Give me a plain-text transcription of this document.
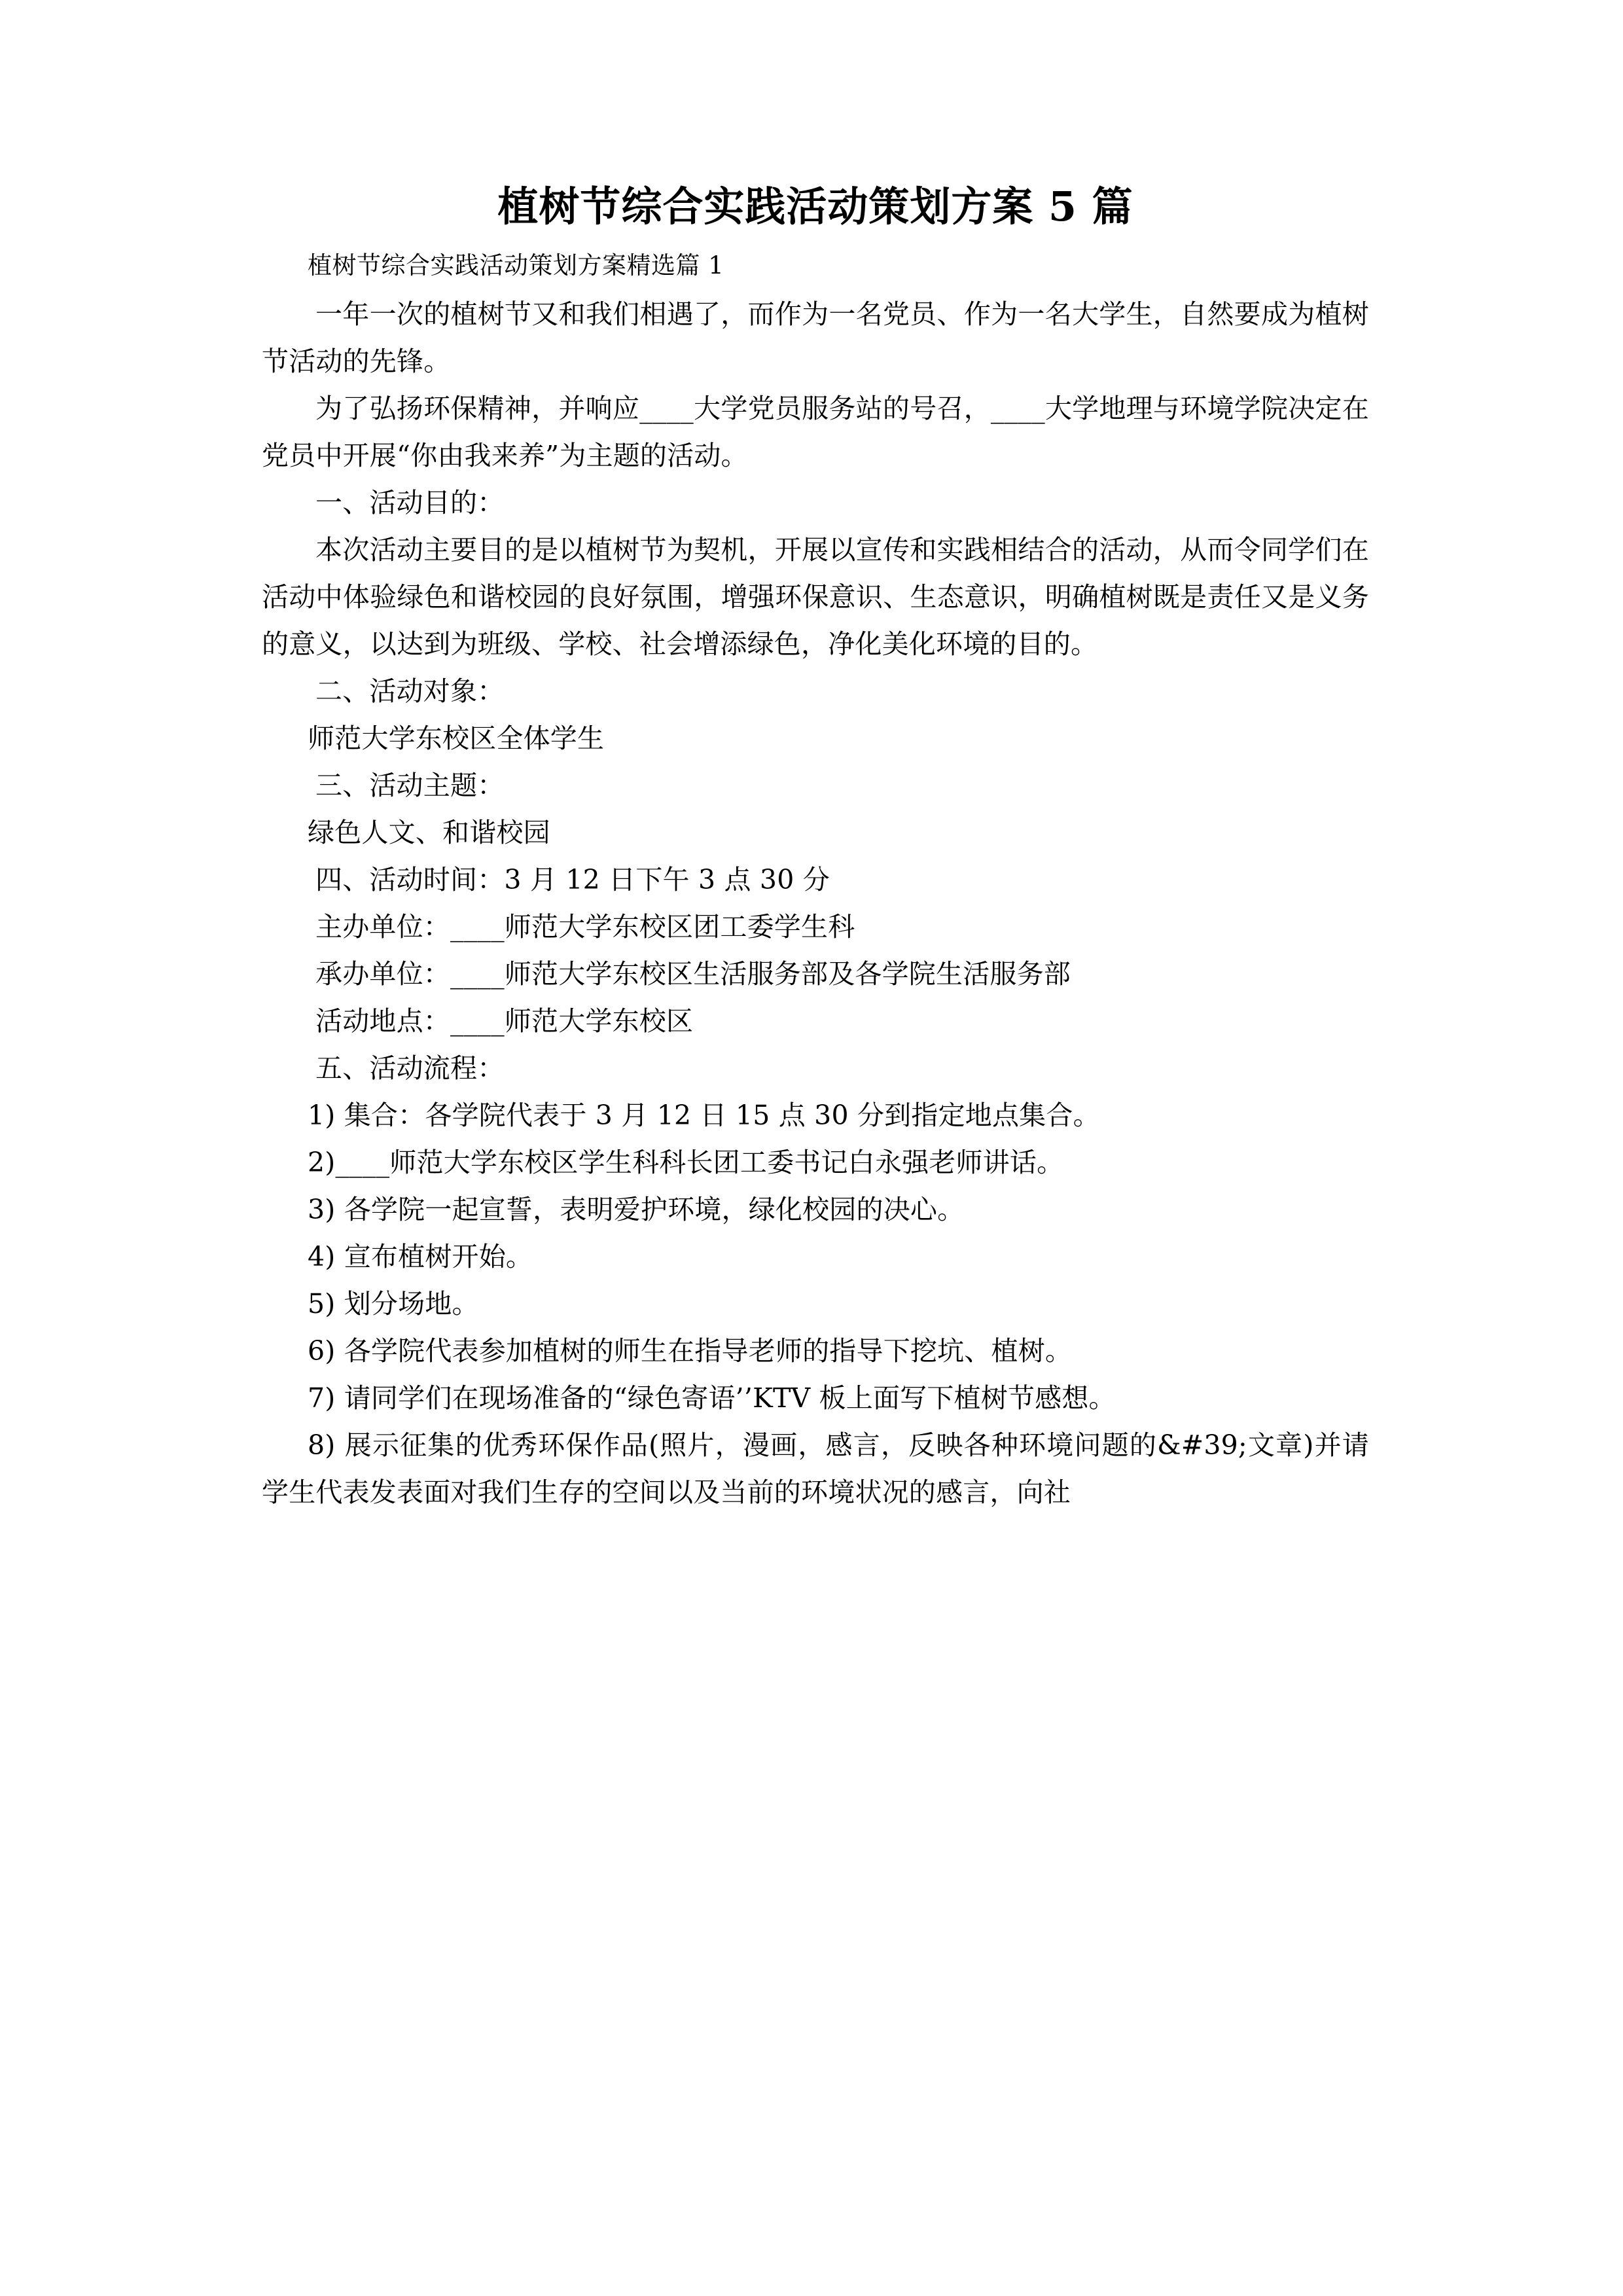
植树节综合实践活动策划方案 5 篇

植树节综合实践活动策划方案精选篇 1

一年一次的植树节又和我们相遇了，而作为一名党员、作为一名大学生，自然要成为植树节活动的先锋。

为了弘扬环保精神，并响应____大学党员服务站的号召，____大学地理与环境学院决定在党员中开展“你由我来养”为主题的活动。

一、活动目的：

本次活动主要目的是以植树节为契机，开展以宣传和实践相结合的活动，从而令同学们在活动中体验绿色和谐校园的良好氛围，增强环保意识、生态意识，明确植树既是责任又是义务的意义，以达到为班级、学校、社会增添绿色，净化美化环境的目的。

二、活动对象：

师范大学东校区全体学生

三、活动主题：

绿色人文、和谐校园

四、活动时间：3 月 12 日下午 3 点 30 分

主办单位：____师范大学东校区团工委学生科

承办单位：____师范大学东校区生活服务部及各学院生活服务部

活动地点：____师范大学东校区

五、活动流程：

1) 集合：各学院代表于 3 月 12 日 15 点 30 分到指定地点集合。

2)____师范大学东校区学生科科长团工委书记白永强老师讲话。

3) 各学院一起宣誓，表明爱护环境，绿化校园的决心。

4) 宣布植树开始。

5) 划分场地。

6) 各学院代表参加植树的师生在指导老师的指导下挖坑、植树。

7) 请同学们在现场准备的“绿色寄语’’KTV 板上面写下植树节感想。

8) 展示征集的优秀环保作品(照片，漫画，感言，反映各种环境问题的&#39;文章)并请学生代表发表面对我们生存的空间以及当前的环境状况的感言，向社
